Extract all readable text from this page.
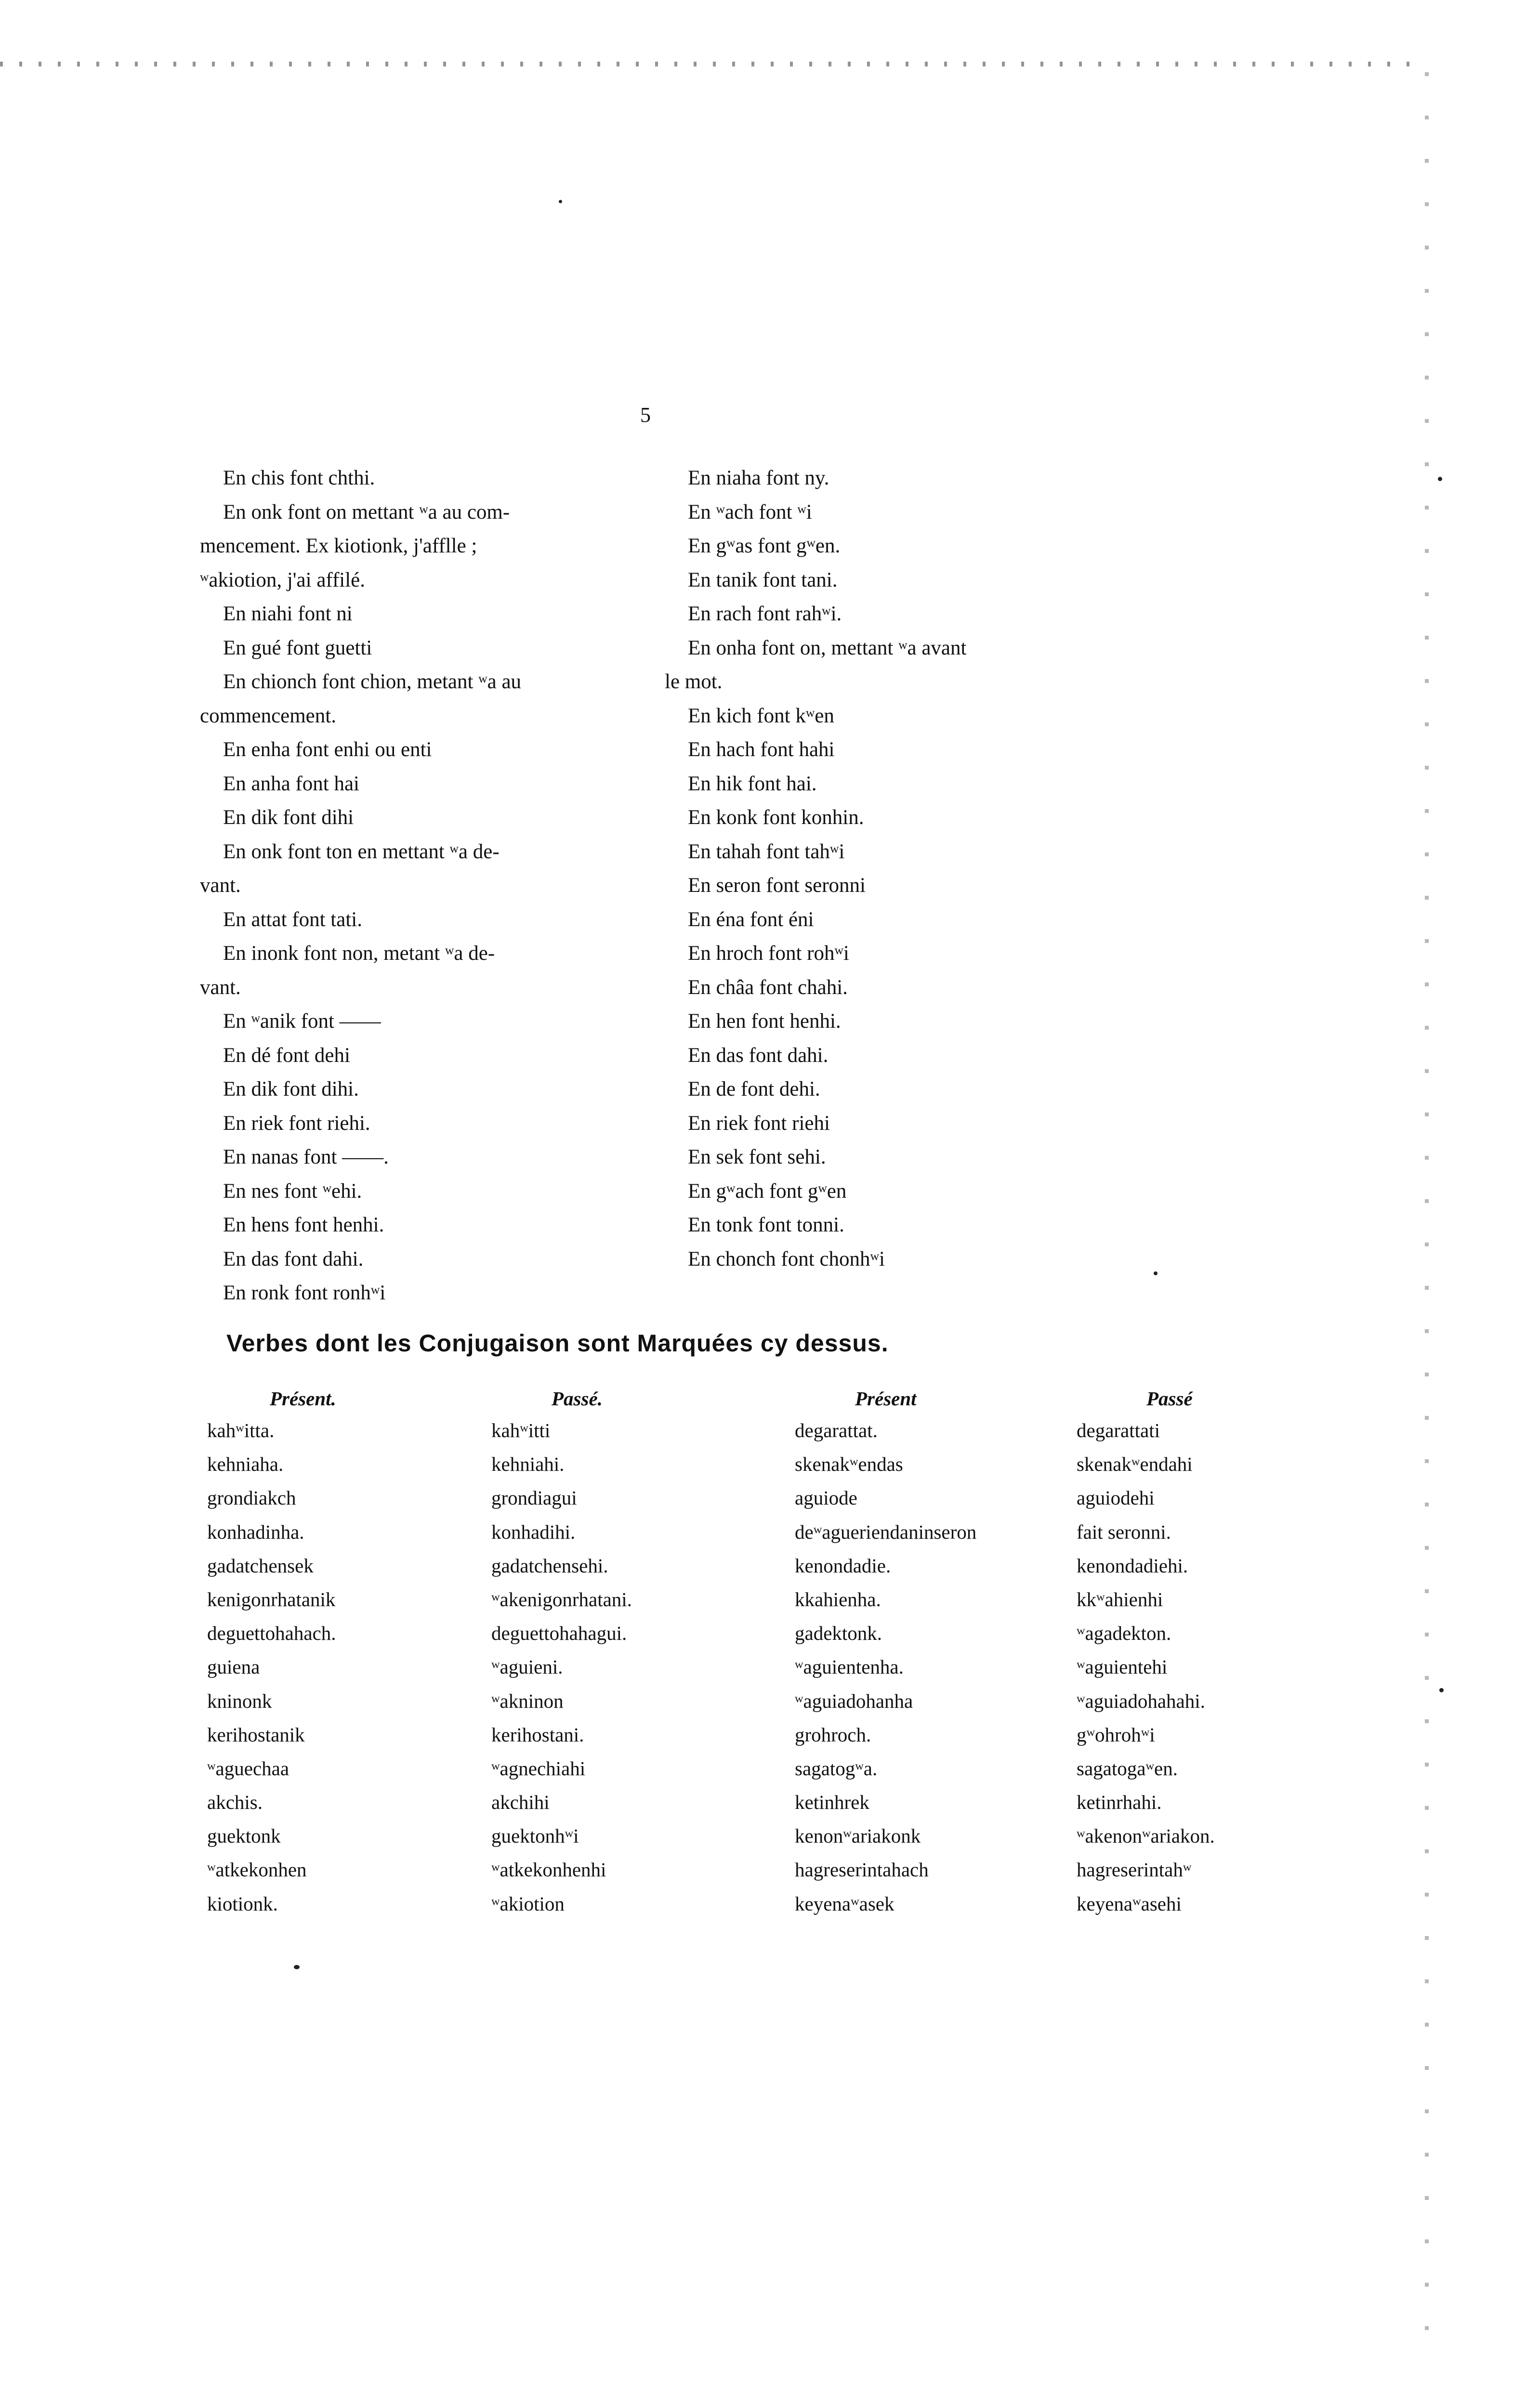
5
En chis font chthi.
En onk font on mettant ʷa au com-
mencement. Ex kiotionk, j'afflle ;
ʷakiotion, j'ai affilé.
En niahi font ni
En gué font guetti
En chionch font chion, metant ʷa au
commencement.
En enha font enhi ou enti
En anha font hai
En dik font dihi
En onk font ton en mettant ʷa de-
vant.
En attat font tati.
En inonk font non, metant ʷa de-
vant.
En ʷanik font ——
En dé font dehi
En dik font dihi.
En riek font riehi.
En nanas font ——.
En nes font ʷehi.
En hens font henhi.
En das font dahi.
En ronk font ronhʷi
En niaha font ny.
En ʷach font ʷi
En gʷas font gʷen.
En tanik font tani.
En rach font rahʷi.
En onha font on, mettant ʷa avant
le mot.
En kich font kʷen
En hach font hahi
En hik font hai.
En konk font konhin.
En tahah font tahʷi
En seron font seronni
En éna font éni
En hroch font rohʷi
En châa font chahi.
En hen font henhi.
En das font dahi.
En de font dehi.
En riek font riehi
En sek font sehi.
En gʷach font gʷen
En tonk font tonni.
En chonch font chonhʷi
Verbes dont les Conjugaison sont Marquées cy dessus.
Présent.	Passé.	Présent	Passé
kahʷitta.	kahʷitti	degarattat.	degarattati
kehniaha.	kehniahi.	skenakʷendas	skenakʷendahi
grondiakch	grondiagui	aguiode	aguiodehi
konhadinha.	konhadihi.	deʷagueriendaninseron	fait seronni.
gadatchensek	gadatchensehi.	kenondadie.	kenondadiehi.
kenigonrhatanik	ʷakenigonrhatani.	kkahienha.	kkʷahienhi
deguettohahach.	deguettohahagui.	gadektonk.	ʷagadekton.
guiena	ʷaguieni.	ʷaguientenha.	ʷaguientehi
kninonk	ʷakninon	ʷaguiadohanha	ʷaguiadohahahi.
kerihostanik	kerihostani.	grohroch.	gʷohrohʷi
ʷaguechaa	ʷagnechiahi	sagatogʷa.	sagatogaʷen.
akchis.	akchihi	ketinhrek	ketinrhahi.
guektonk	guektonhʷi	kenonʷariakonk	ʷakenonʷariakon.
ʷatkekonhen	ʷatkekonhenhi	hagreserintahach	hagreserintahʷ
kiotionk.	ʷakiotion	keyenaʷasek	keyenaʷasehi
